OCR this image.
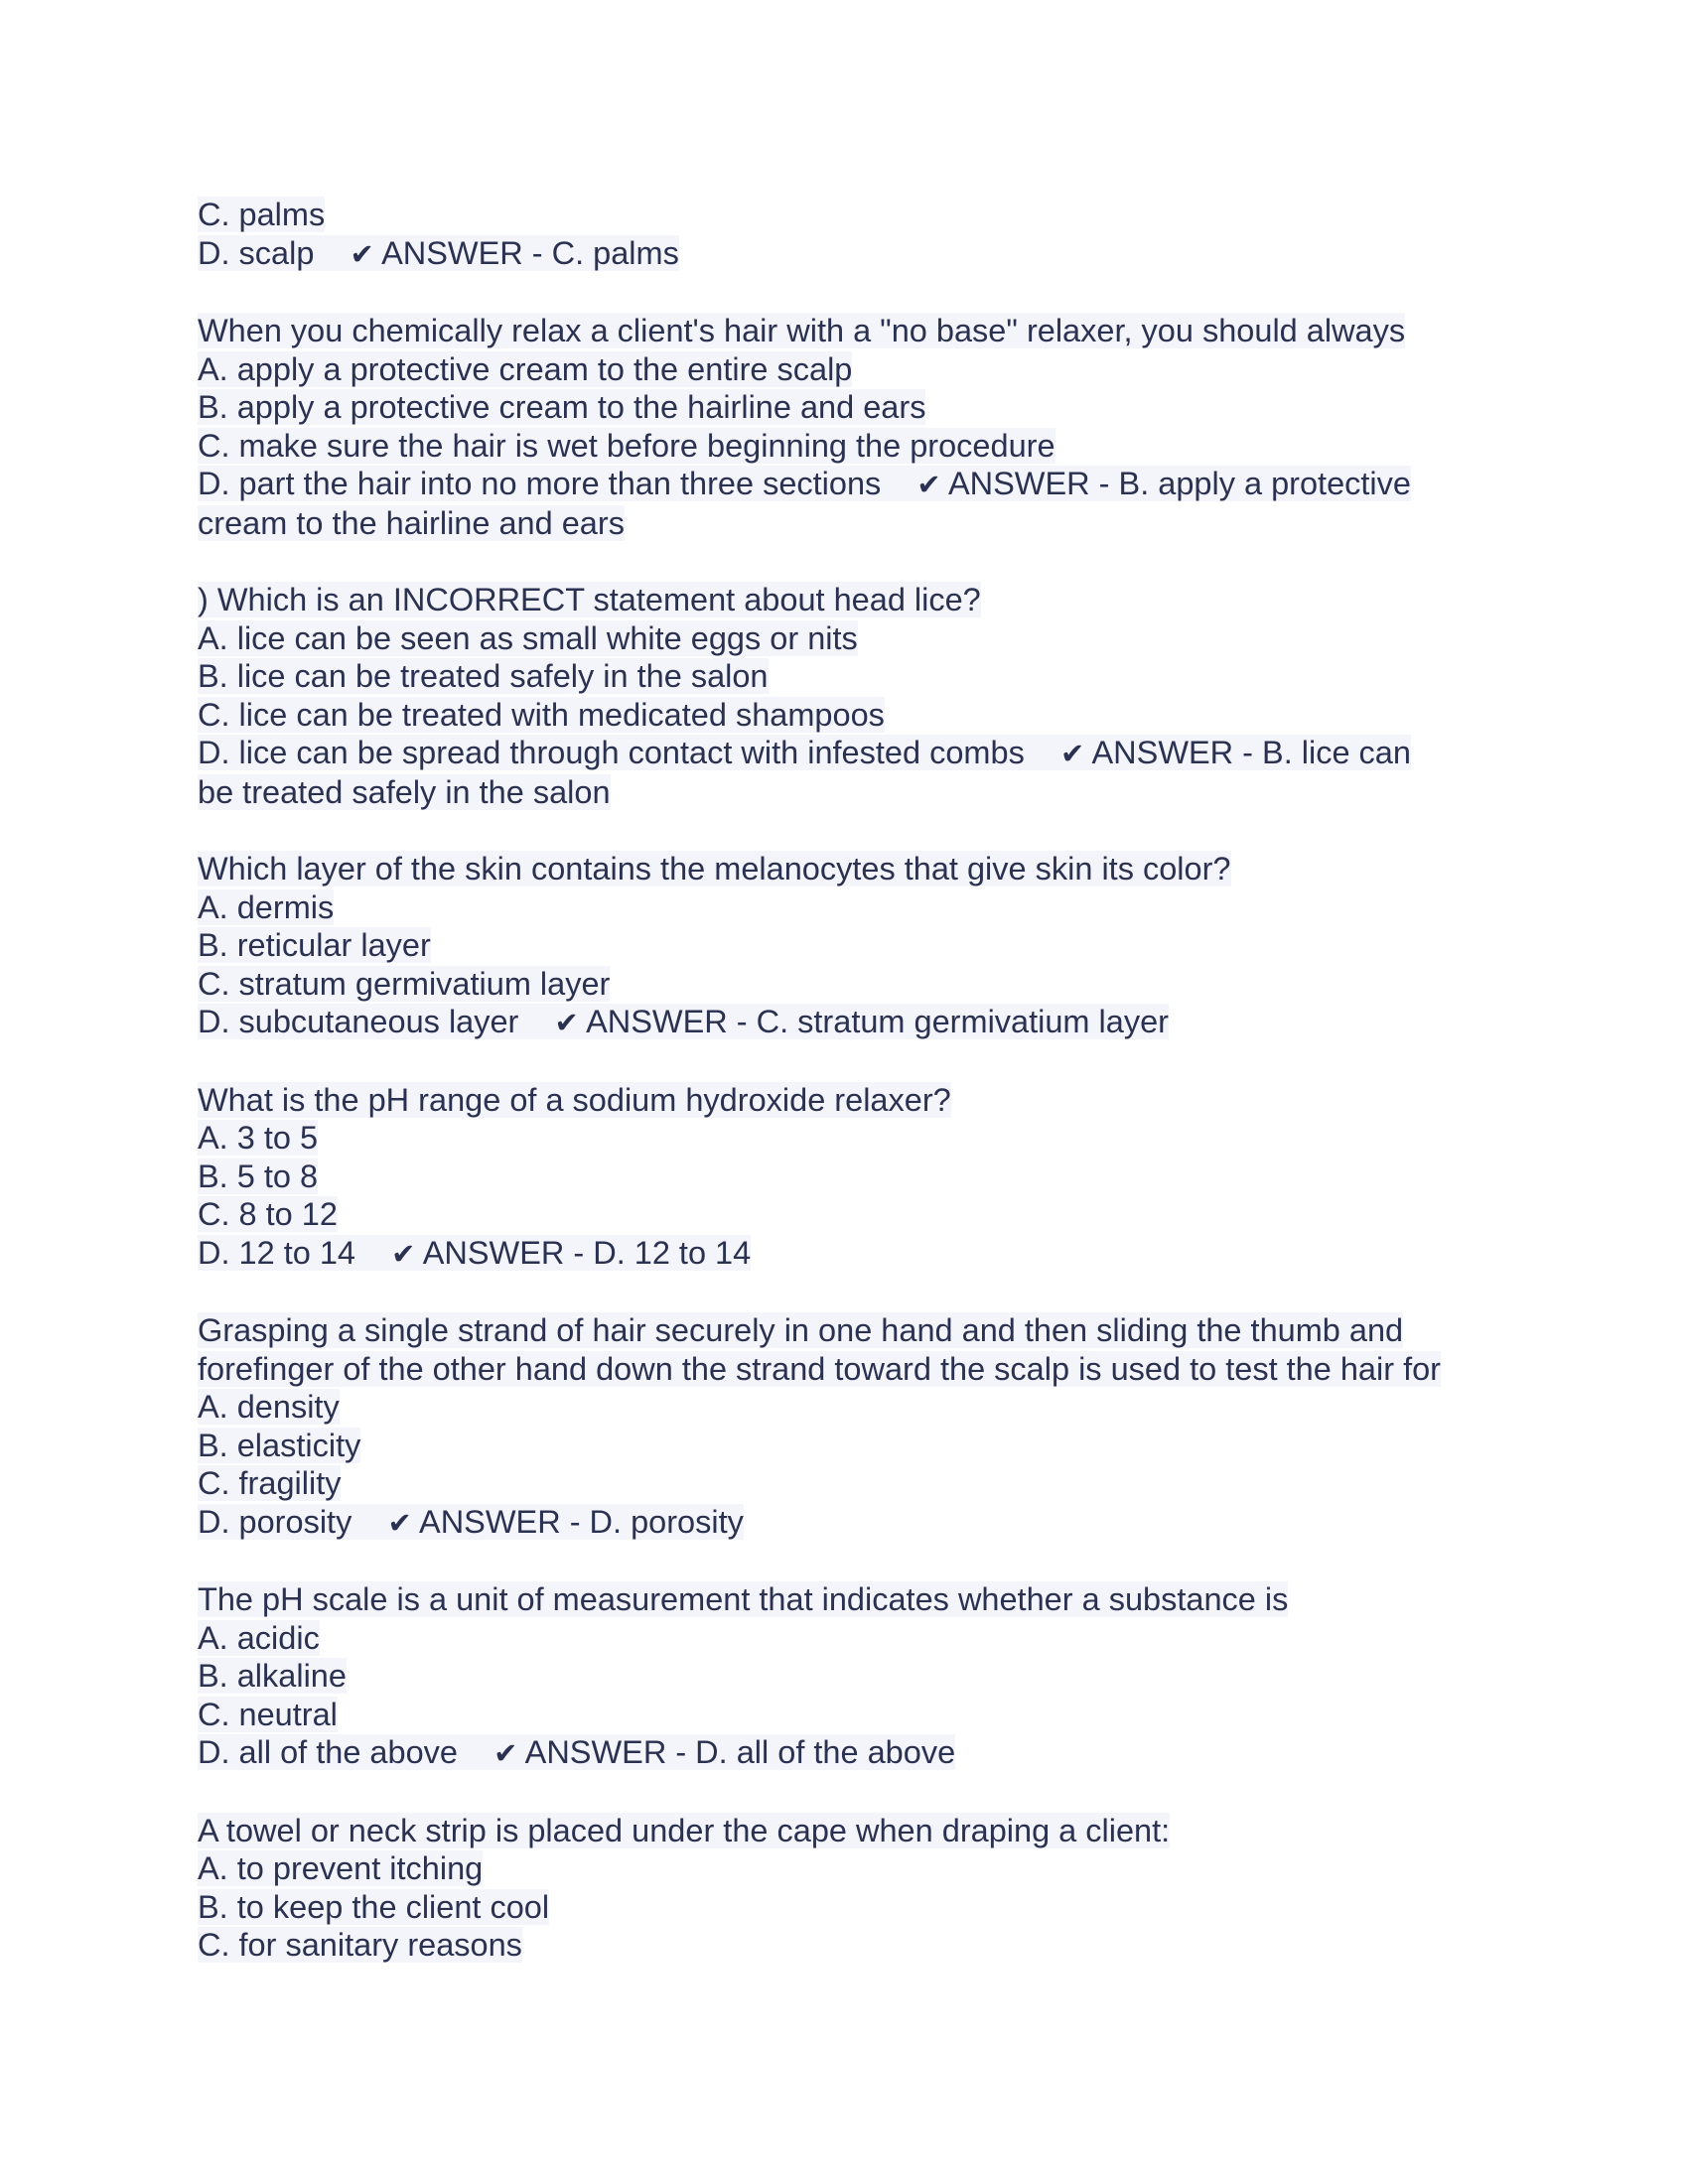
C. palms
D. scalp ✔ ANSWER - C. palms
When you chemically relax a client's hair with a "no base" relaxer, you should always
A. apply a protective cream to the entire scalp
B. apply a protective cream to the hairline and ears
C. make sure the hair is wet before beginning the procedure
D. part the hair into no more than three sections ✔ ANSWER - B. apply a protective
cream to the hairline and ears
) Which is an INCORRECT statement about head lice?
A. lice can be seen as small white eggs or nits
B. lice can be treated safely in the salon
C. lice can be treated with medicated shampoos
D. lice can be spread through contact with infested combs ✔ ANSWER - B. lice can
be treated safely in the salon
Which layer of the skin contains the melanocytes that give skin its color?
A. dermis
B. reticular layer
C. stratum germivatium layer
D. subcutaneous layer ✔ ANSWER - C. stratum germivatium layer
What is the pH range of a sodium hydroxide relaxer?
A. 3 to 5
B. 5 to 8
C. 8 to 12
D. 12 to 14 ✔ ANSWER - D. 12 to 14
Grasping a single strand of hair securely in one hand and then sliding the thumb and
forefinger of the other hand down the strand toward the scalp is used to test the hair for
A. density
B. elasticity
C. fragility
D. porosity ✔ ANSWER - D. porosity
The pH scale is a unit of measurement that indicates whether a substance is
A. acidic
B. alkaline
C. neutral
D. all of the above ✔ ANSWER - D. all of the above
A towel or neck strip is placed under the cape when draping a client:
A. to prevent itching
B. to keep the client cool
C. for sanitary reasons
